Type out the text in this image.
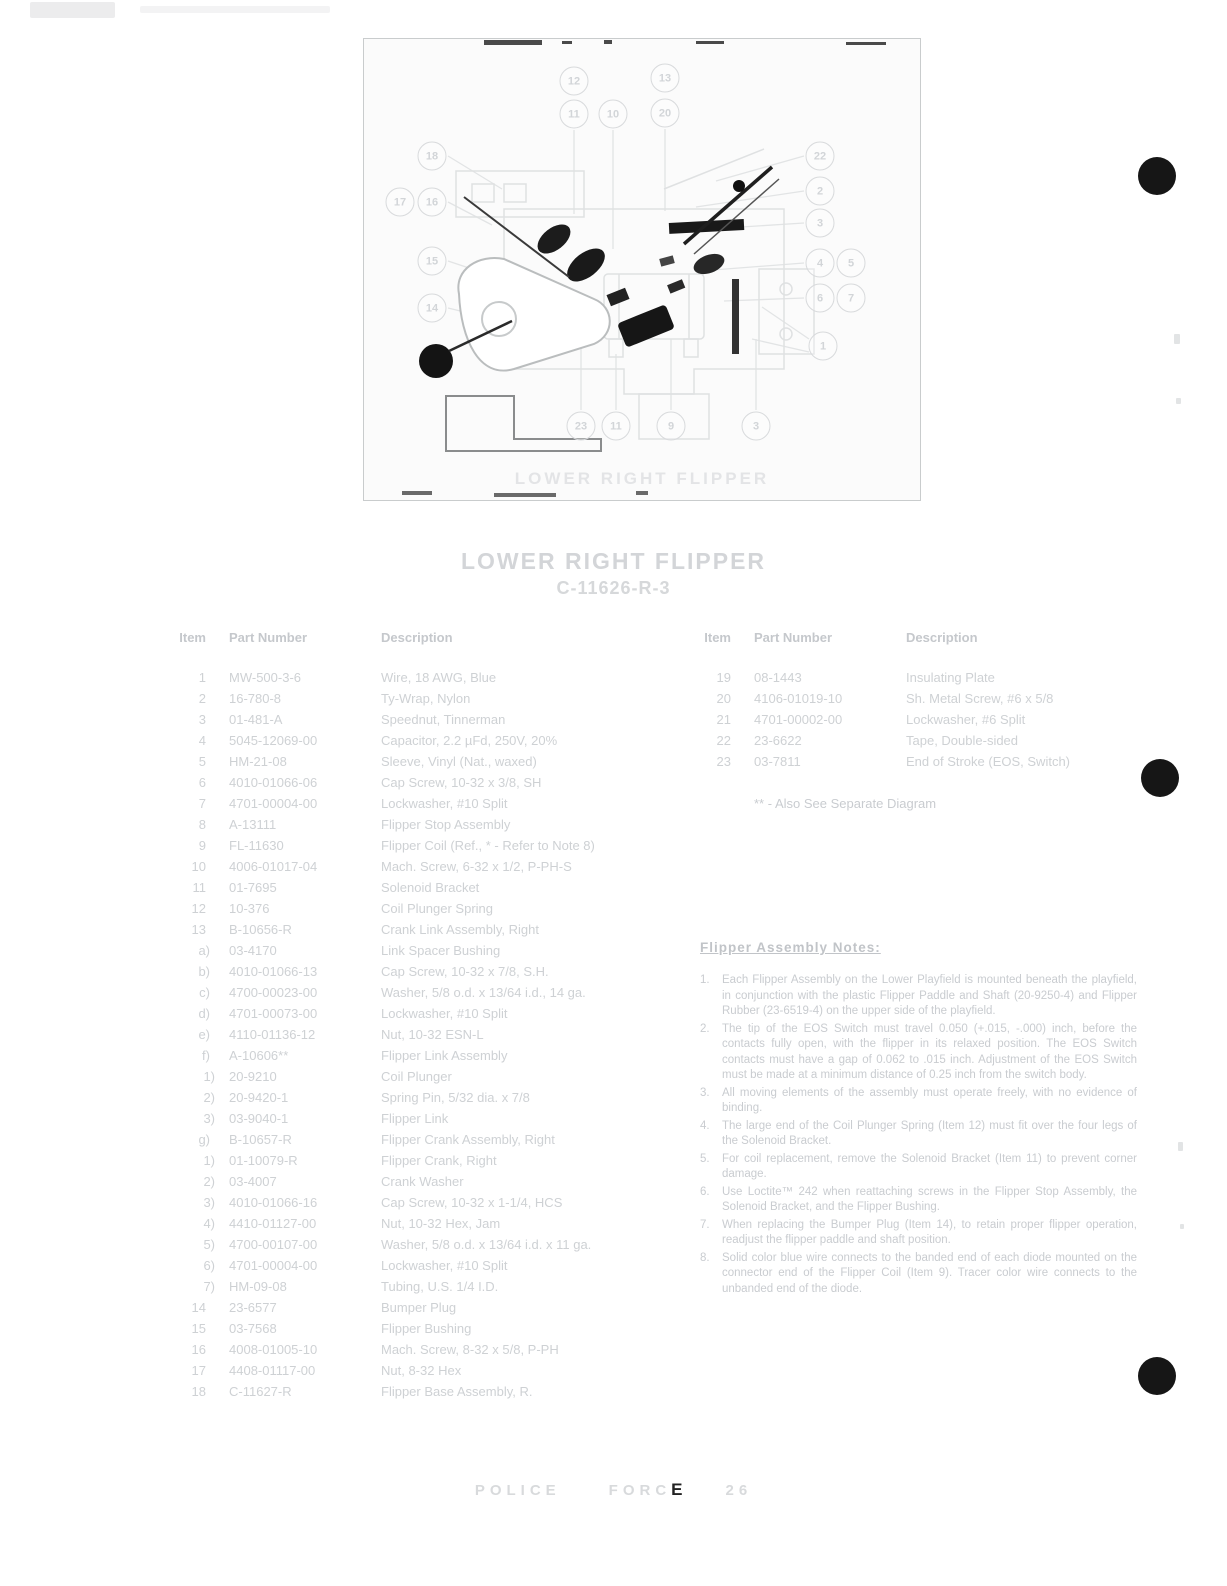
12	13
11 10	20
18
17 16
15
14
22
2
3
4 5
6 7
1
23 11	9	3
LOWER RIGHT FLIPPER
LOWER RIGHT FLIPPER
C-11626-R-3
Item Part Number	Description
1 MW-500-3-6	Wire, 18 AWG, Blue
2 16-780-8	Ty-Wrap, Nylon
3 01-481-A	Speednut, Tinnerman
4 5045-12069-00	Capacitor, 2.2 µFd, 250V, 20%
5 HM-21-08	Sleeve, Vinyl (Nat., waxed)
6 4010-01066-06	Cap Screw, 10-32 x 3/8, SH
7 4701-00004-00	Lockwasher, #10 Split
8 A-13111	Flipper Stop Assembly
9 FL-11630	Flipper Coil (Ref., * - Refer to Note 8)
10 4006-01017-04	Mach. Screw, 6-32 x 1/2, P-PH-S
11 01-7695	Solenoid Bracket
12 10-376	Coil Plunger Spring
13 B-10656-R	Crank Link Assembly, Right
a) 03-4170	Link Spacer Bushing
b) 4010-01066-13	Cap Screw, 10-32 x 7/8, S.H.
c) 4700-00023-00	Washer, 5/8 o.d. x 13/64 i.d., 14 ga.
d) 4701-00073-00	Lockwasher, #10 Split
e) 4110-01136-12	Nut, 10-32 ESN-L
f) A-10606**	Flipper Link Assembly
1) 20-9210	Coil Plunger
2) 20-9420-1	Spring Pin, 5/32 dia. x 7/8
3) 03-9040-1	Flipper Link
g) B-10657-R	Flipper Crank Assembly, Right
1) 01-10079-R	Flipper Crank, Right
2) 03-4007	Crank Washer
3) 4010-01066-16	Cap Screw, 10-32 x 1-1/4, HCS
4) 4410-01127-00	Nut, 10-32 Hex, Jam
5) 4700-00107-00	Washer, 5/8 o.d. x 13/64 i.d. x 11 ga.
6) 4701-00004-00	Lockwasher, #10 Split
7) HM-09-08	Tubing, U.S. 1/4 I.D.
14 23-6577	Bumper Plug
15 03-7568	Flipper Bushing
16 4008-01005-10	Mach. Screw, 8-32 x 5/8, P-PH
17 4408-01117-00	Nut, 8-32 Hex
18 C-11627-R	Flipper Base Assembly, R.
Item Part Number	Description
19 08-1443	Insulating Plate
20 4106-01019-10	Sh. Metal Screw, #6 x 5/8
21 4701-00002-00	Lockwasher, #6 Split
22 23-6622	Tape, Double-sided
23 03-7811	End of Stroke (EOS, Switch)
** - Also See Separate Diagram
Flipper Assembly Notes:
1.	Each Flipper Assembly on the Lower Playfield is mounted beneath the playfield, in conjunction with the plastic Flipper Paddle and Shaft (20-9250-4) and Flipper Rubber (23-6519-4) on the upper side of the playfield.
2.	The tip of the EOS Switch must travel 0.050 (+.015, -.000) inch, before the contacts fully open, with the flipper in its relaxed position. The EOS Switch contacts must have a gap of 0.062 to .015 inch. Adjustment of the EOS Switch must be made at a minimum distance of 0.25 inch from the switch body.
3.	All moving elements of the assembly must operate freely, with no evidence of binding.
4.	The large end of the Coil Plunger Spring (Item 12) must fit over the four legs of the Solenoid Bracket.
5.	For coil replacement, remove the Solenoid Bracket (Item 11) to prevent corner damage.
6.	Use Loctite™ 242 when reattaching screws in the Flipper Stop Assembly, the Solenoid Bracket, and the Flipper Bushing.
7.	When replacing the Bumper Plug (Item 14), to retain proper flipper operation, readjust the flipper paddle and shaft position.
8.	Solid color blue wire connects to the banded end of each diode mounted on the connector end of the Flipper Coil (Item 9). Tracer color wire connects to the unbanded end of the diode.
POLICE	FORCE	26
